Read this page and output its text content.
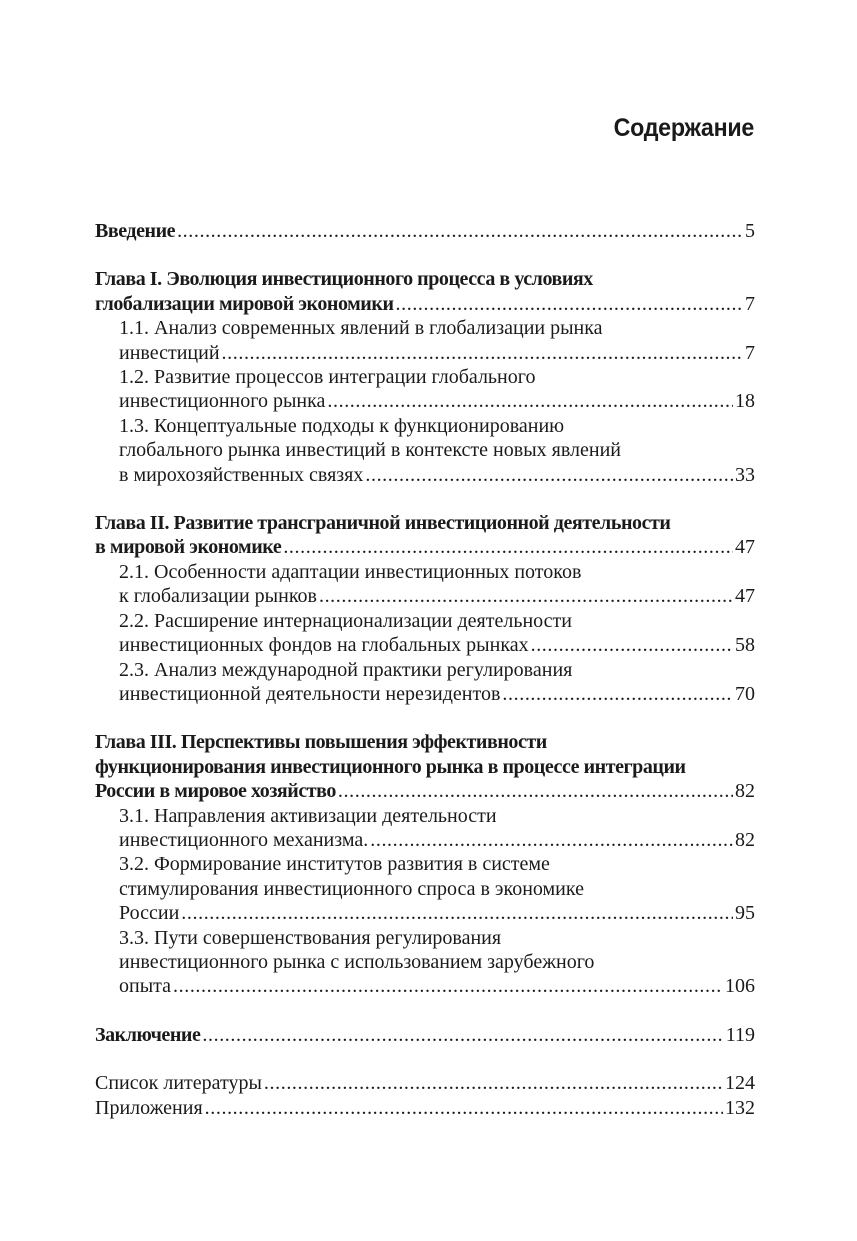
Содержание
Введение .....	5
Глава I. Эволюция инвестиционного процесса в условиях
глобализации мировой экономики .....	7
1.1. Анализ современных явлений в глобализации рынка
инвестиций .....	7
1.2. Развитие процессов интеграции глобального
инвестиционного рынка .....	18
1.3. Концептуальные подходы к функционированию
глобального рынка инвестиций в контексте новых явлений
в мирохозяйственных связях .....	33
Глава II. Развитие трансграничной инвестиционной деятельности
в мировой экономике .....	47
2.1. Особенности адаптации инвестиционных потоков
к глобализации рынков .....	47
2.2. Расширение интернационализации деятельности
инвестиционных фондов на глобальных рынках .....	58
2.3. Анализ международной практики регулирования
инвестиционной деятельности нерезидентов .....	70
Глава III. Перспективы повышения эффективности
функционирования инвестиционного рынка в процессе интеграции
России в мировое хозяйство .....	82
3.1. Направления активизации деятельности
инвестиционного механизма. .....	82
3.2. Формирование институтов развития в системе
стимулирования инвестиционного спроса в экономике
России .....	95
3.3. Пути совершенствования регулирования
инвестиционного рынка с использованием зарубежного
опыта .....	106
Заключение .....	119
Список литературы .....	124
Приложения .....	132
